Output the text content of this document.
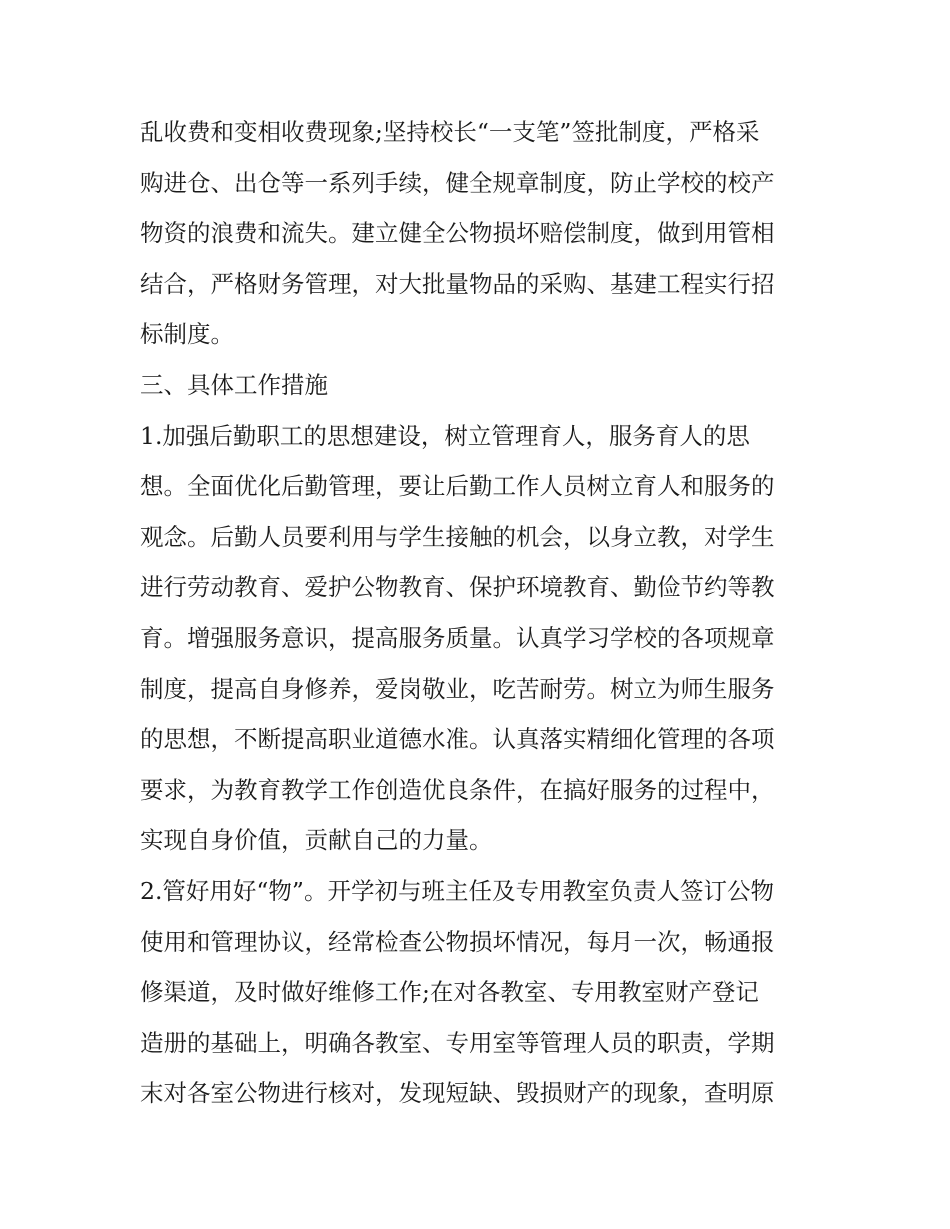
乱收费和变相收费现象;坚持校长“一支笔”签批制度，严格采
购进仓、出仓等一系列手续，健全规章制度，防止学校的校产
物资的浪费和流失。建立健全公物损坏赔偿制度，做到用管相
结合，严格财务管理，对大批量物品的采购、基建工程实行招
标制度。
三、具体工作措施
1.加强后勤职工的思想建设，树立管理育人，服务育人的思
想。全面优化后勤管理，要让后勤工作人员树立育人和服务的
观念。后勤人员要利用与学生接触的机会，以身立教，对学生
进行劳动教育、爱护公物教育、保护环境教育、勤俭节约等教
育。增强服务意识，提高服务质量。认真学习学校的各项规章
制度，提高自身修养，爱岗敬业，吃苦耐劳。树立为师生服务
的思想，不断提高职业道德水准。认真落实精细化管理的各项
要求，为教育教学工作创造优良条件，在搞好服务的过程中，
实现自身价值，贡献自己的力量。
2.管好用好“物”。开学初与班主任及专用教室负责人签订公物
使用和管理协议，经常检查公物损坏情况，每月一次，畅通报
修渠道，及时做好维修工作;在对各教室、专用教室财产登记
造册的基础上，明确各教室、专用室等管理人员的职责，学期
末对各室公物进行核对，发现短缺、毁损财产的现象，查明原
